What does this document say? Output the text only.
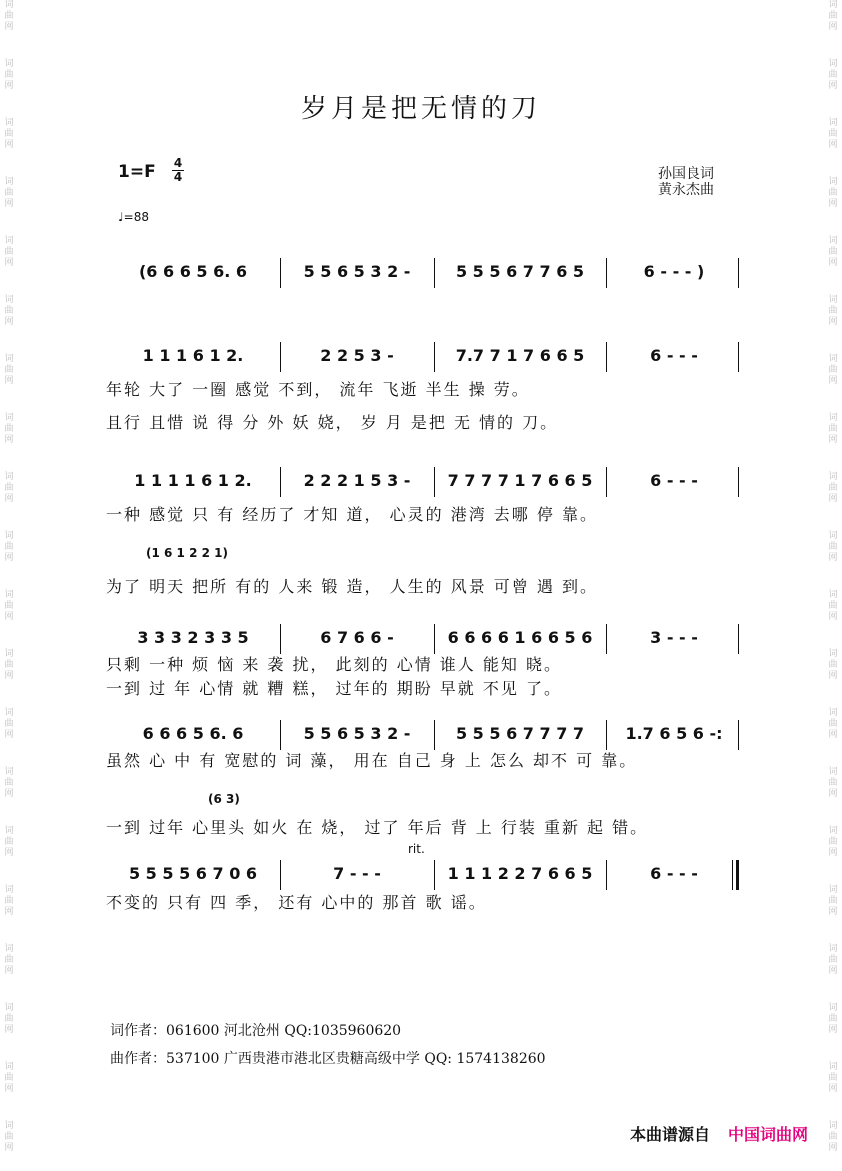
词
曲
网
词
曲
网
词
曲
网
词
曲
网
词
曲
网
词
曲
网
词
曲
网
词
曲
网
词
曲
网
词
曲
网
词
曲
网
词
曲
网
词
曲
网
词
曲
网
词
曲
网
词
曲
网
词
曲
网
词
曲
网
词
曲
网
词
曲
网
词
曲
网
词
曲
网
词
曲
网
词
曲
网
词
曲
网
词
曲
网
词
曲
网
词
曲
网
词
曲
网
词
曲
网
词
曲
网
词
曲
网
词
曲
网
词
曲
网
词
曲
网
词
曲
网
词
曲
网
词
曲
网
词
曲
网
词
曲
网
岁月是把无情的刀
1=F 4
4
♩=88
孙国良词
黄永杰曲
(6 6 6 5 6. 6	5 5 6 5 3 2 -	5 5 5 6 7 7 6 5	6 - - - )
1 1 1 6 1 2.	2 2 5 3 -	7.7 7 1 7 6 6 5	6 - - -
1 1 1 1 6 1 2.	2 2 2 1 5 3 -	7 7 7 7 1 7 6 6 5	6 - - -
3 3 3 2 3 3 5	6 7 6 6 -	6 6 6 6 1 6 6 5 6	3 - - -
6 6 6 5 6. 6	5 5 6 5 3 2 -	5 5 5 6 7 7 7 7	1.7 6 5 6 -:
5 5 5 5 6 7 0 6	7 - - -	1 1 1 2 2 7 6 6 5	6 - - -
年轮 大了 一圈 感觉 不到， 流年 飞逝 半生 操 劳。
且行 且惜 说 得 分 外 妖 娆， 岁 月 是把 无 情的 刀。
一种 感觉 只 有 经历了 才知 道， 心灵的 港湾 去哪 停 靠。
为了 明天 把所 有的 人来 锻 造， 人生的 风景 可曾 遇 到。
只剩 一种 烦 恼 来 袭 扰， 此刻的 心情 谁人 能知 晓。
一到 过 年 心情 就 糟 糕， 过年的 期盼 早就 不见 了。
虽然 心 中 有 宽慰的 词 藻， 用在 自己 身 上 怎么 却不 可 靠。
一到 过年 心里头 如火 在 烧， 过了 年后 背 上 行装 重新 起 错。
不变的 只有 四 季， 还有 心中的 那首 歌 谣。
(1 6 1 2 2 1)
(6 3)
rit.
词作者：061600 河北沧州 QQ:1035960620
曲作者：537100 广西贵港市港北区贵糖高级中学 QQ: 1574138260
本曲谱源自 中国词曲网
